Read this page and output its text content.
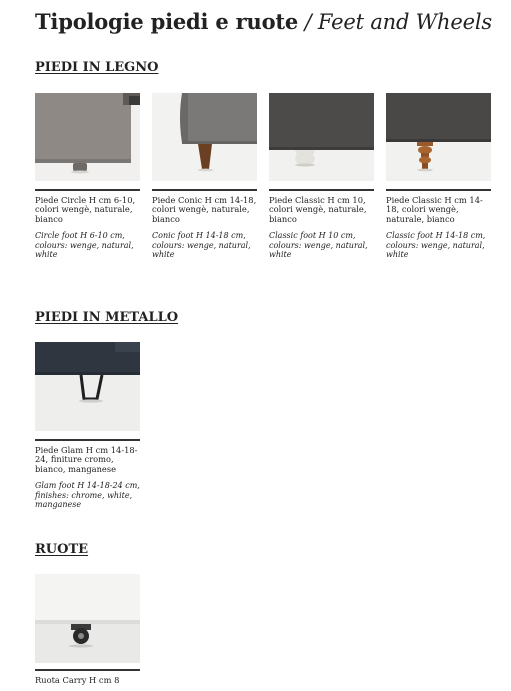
Tipologie piedi e ruote / Feet and Wheels
PIEDI IN LEGNO
Piede Circle H cm 6-10, colori wengè, naturale, bianco
Circle foot H 6-10 cm, colours: wenge, natural, white
Piede Conic H cm 14-18, colori wengè, naturale, bianco
Conic foot H 14-18 cm, colours: wenge, natural, white
Piede Classic H cm 10, colori wengè, naturale, bianco
Classic foot H 10 cm, colours: wenge, natural, white
Piede Classic H cm 14-18, colori wengè, naturale, bianco
Classic foot H 14-18 cm, colours: wenge, natural, white
PIEDI IN METALLO
Piede Glam H cm 14-18-24, finiture cromo, bianco, manganese
Glam foot H 14-18-24 cm, finishes: chrome, white, manganese
RUOTE
Ruota Carry H cm 8
